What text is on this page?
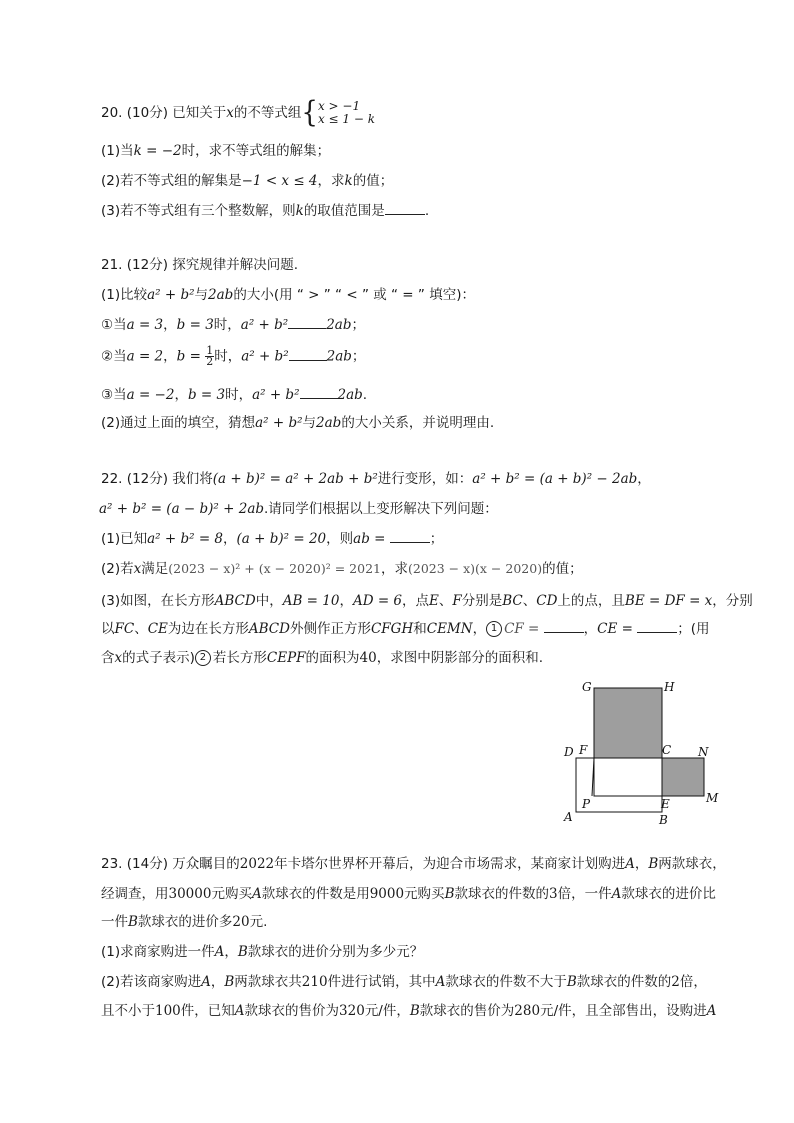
20. (10分) 已知关于x的不等式组{ x > −1
x ≤ 1 − k
(1)当k = −2时，求不等式组的解集；
(2)若不等式组的解集是−1 < x ≤ 4，求k的值；
(3)若不等式组有三个整数解，则k的取值范围是	.
21. (12分) 探究规律并解决问题.
(1)比较a² + b²与2ab的大小(用 “ > ” “ < ” 或 “ = ” 填空)：
①当a = 3，b = 3时，a² + b²	2ab；
②当a = 2，$b = \frac{1}{2}$ 时，a² + b²	2ab；
③当a = −2，b = 3时，a² + b²	2ab.
(2)通过上面的填空，猜想a² + b²与2ab的大小关系，并说明理由.
22. (12分) 我们将(a + b)² = a² + 2ab + b²进行变形，如：a² + b² = (a + b)² − 2ab，
a² + b² = (a − b)² + 2ab.请同学们根据以上变形解决下列问题：
(1)已知a² + b² = 8，(a + b)² = 20，则ab =	；
(2)若x满足(2023 − x)² + (x − 2020)² = 2021，求(2023 − x)(x − 2020)的值；
(3)如图，在长方形ABCD中，AB = 10，AD = 6，点E、F分别是BC、CD上的点，且BE = DF = x，分别
以FC、CE为边在长方形ABCD外侧作正方形CFGH和CEMN， 1 CF =	，CE =	；(用
含x的式子表示) 2 若长方形CEPF的面积为40，求图中阴影部分的面积和.
G	H
D F	C N
P	E	M
A	B
23. (14分) 万众瞩目的2022年卡塔尔世界杯开幕后，为迎合市场需求，某商家计划购进A，B两款球衣，
经调查，用30000元购买A款球衣的件数是用9000元购买B款球衣的件数的3倍，一件A款球衣的进价比
一件B款球衣的进价多20元.
(1)求商家购进一件A，B款球衣的进价分别为多少元？
(2)若该商家购进A，B两款球衣共210件进行试销，其中A款球衣的件数不大于B款球衣的件数的2倍，
且不小于100件，已知A款球衣的售价为320元/件，B款球衣的售价为280元/件，且全部售出，设购进A
